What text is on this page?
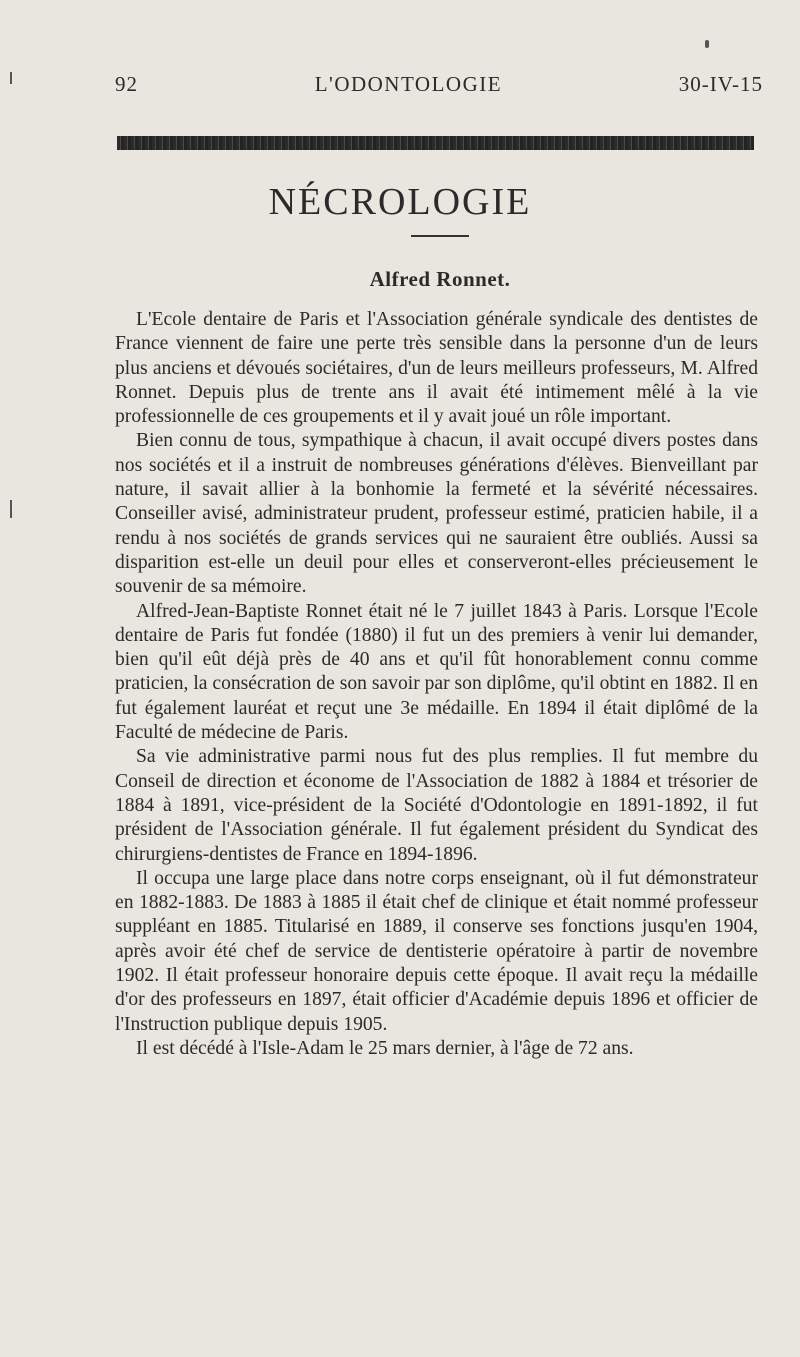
92	L'ODONTOLOGIE	30-IV-15
NÉCROLOGIE
Alfred Ronnet.

L'Ecole dentaire de Paris et l'Association générale syndicale des dentistes de France viennent de faire une perte très sensible dans la personne d'un de leurs plus anciens et dévoués sociétaires, d'un de leurs meilleurs professeurs, M. Alfred Ronnet. Depuis plus de trente ans il avait été intimement mêlé à la vie professionnelle de ces groupements et il y avait joué un rôle important.

Bien connu de tous, sympathique à chacun, il avait occupé divers postes dans nos sociétés et il a instruit de nombreuses générations d'élèves. Bienveillant par nature, il savait allier à la bonhomie la fermeté et la sévérité nécessaires. Conseiller avisé, administrateur prudent, professeur estimé, praticien habile, il a rendu à nos sociétés de grands services qui ne sauraient être oubliés. Aussi sa disparition est-elle un deuil pour elles et conserveront-elles précieusement le souvenir de sa mémoire.

Alfred-Jean-Baptiste Ronnet était né le 7 juillet 1843 à Paris. Lorsque l'Ecole dentaire de Paris fut fondée (1880) il fut un des premiers à venir lui demander, bien qu'il eût déjà près de 40 ans et qu'il fût honorablement connu comme praticien, la consécration de son savoir par son diplôme, qu'il obtint en 1882. Il en fut également lauréat et reçut une 3e médaille. En 1894 il était diplômé de la Faculté de médecine de Paris.

Sa vie administrative parmi nous fut des plus remplies. Il fut membre du Conseil de direction et économe de l'Association de 1882 à 1884 et trésorier de 1884 à 1891, vice-président de la Société d'Odontologie en 1891-1892, il fut président de l'Association générale. Il fut également président du Syndicat des chirurgiens-dentistes de France en 1894-1896.

Il occupa une large place dans notre corps enseignant, où il fut démonstrateur en 1882-1883. De 1883 à 1885 il était chef de clinique et était nommé professeur suppléant en 1885. Titularisé en 1889, il conserve ses fonctions jusqu'en 1904, après avoir été chef de service de dentisterie opératoire à partir de novembre 1902. Il était professeur honoraire depuis cette époque. Il avait reçu la médaille d'or des professeurs en 1897, était officier d'Académie depuis 1896 et officier de l'Instruction publique depuis 1905.

Il est décédé à l'Isle-Adam le 25 mars dernier, à l'âge de 72 ans.
